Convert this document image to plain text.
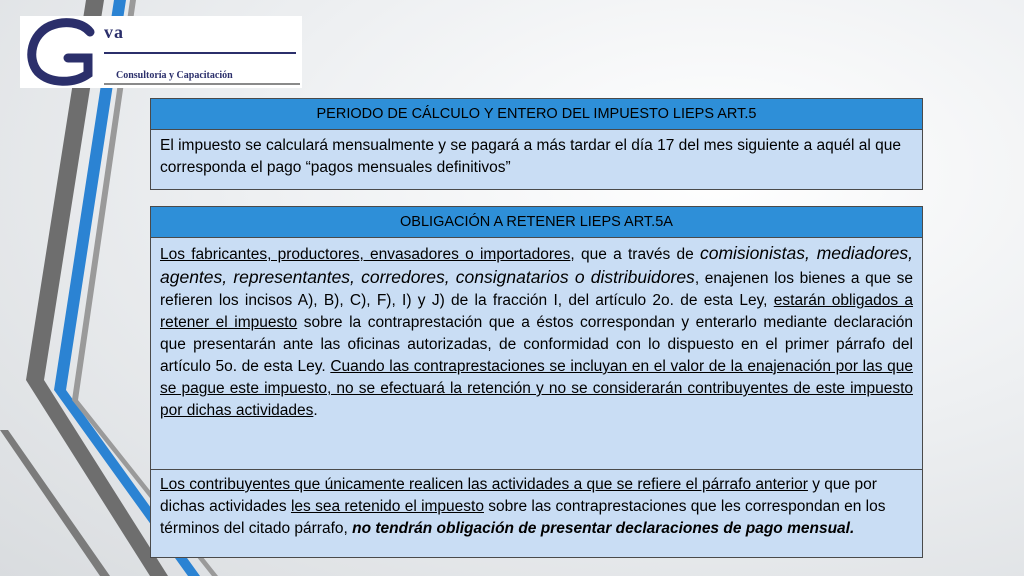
va
Consultoría y Capacitación
PERIODO DE CÁLCULO Y ENTERO DEL IMPUESTO LIEPS ART.5
El impuesto se calculará mensualmente y se pagará a más tardar el día 17 del mes siguiente a aquél al que corresponda el pago “pagos mensuales definitivos”
OBLIGACIÓN A RETENER LIEPS ART.5A
Los fabricantes, productores, envasadores o importadores, que a través de comisionistas, mediadores, agentes, representantes, corredores, consignatarios o distribuidores, enajenen los bienes a que se refieren los incisos A), B), C), F), I) y J) de la fracción I, del artículo 2o. de esta Ley, estarán obligados a retener el impuesto sobre la contraprestación que a éstos correspondan y enterarlo mediante declaración que presentarán ante las oficinas autorizadas, de conformidad con lo dispuesto en el primer párrafo del artículo 5o. de esta Ley. Cuando las contraprestaciones se incluyan en el valor de la enajenación por las que se pague este impuesto, no se efectuará la retención y no se considerarán contribuyentes de este impuesto por dichas actividades.
Los contribuyentes que únicamente realicen las actividades a que se refiere el párrafo anterior y que por dichas actividades les sea retenido el impuesto sobre las contraprestaciones que les correspondan en los términos del citado párrafo, no tendrán obligación de presentar declaraciones de pago mensual.
